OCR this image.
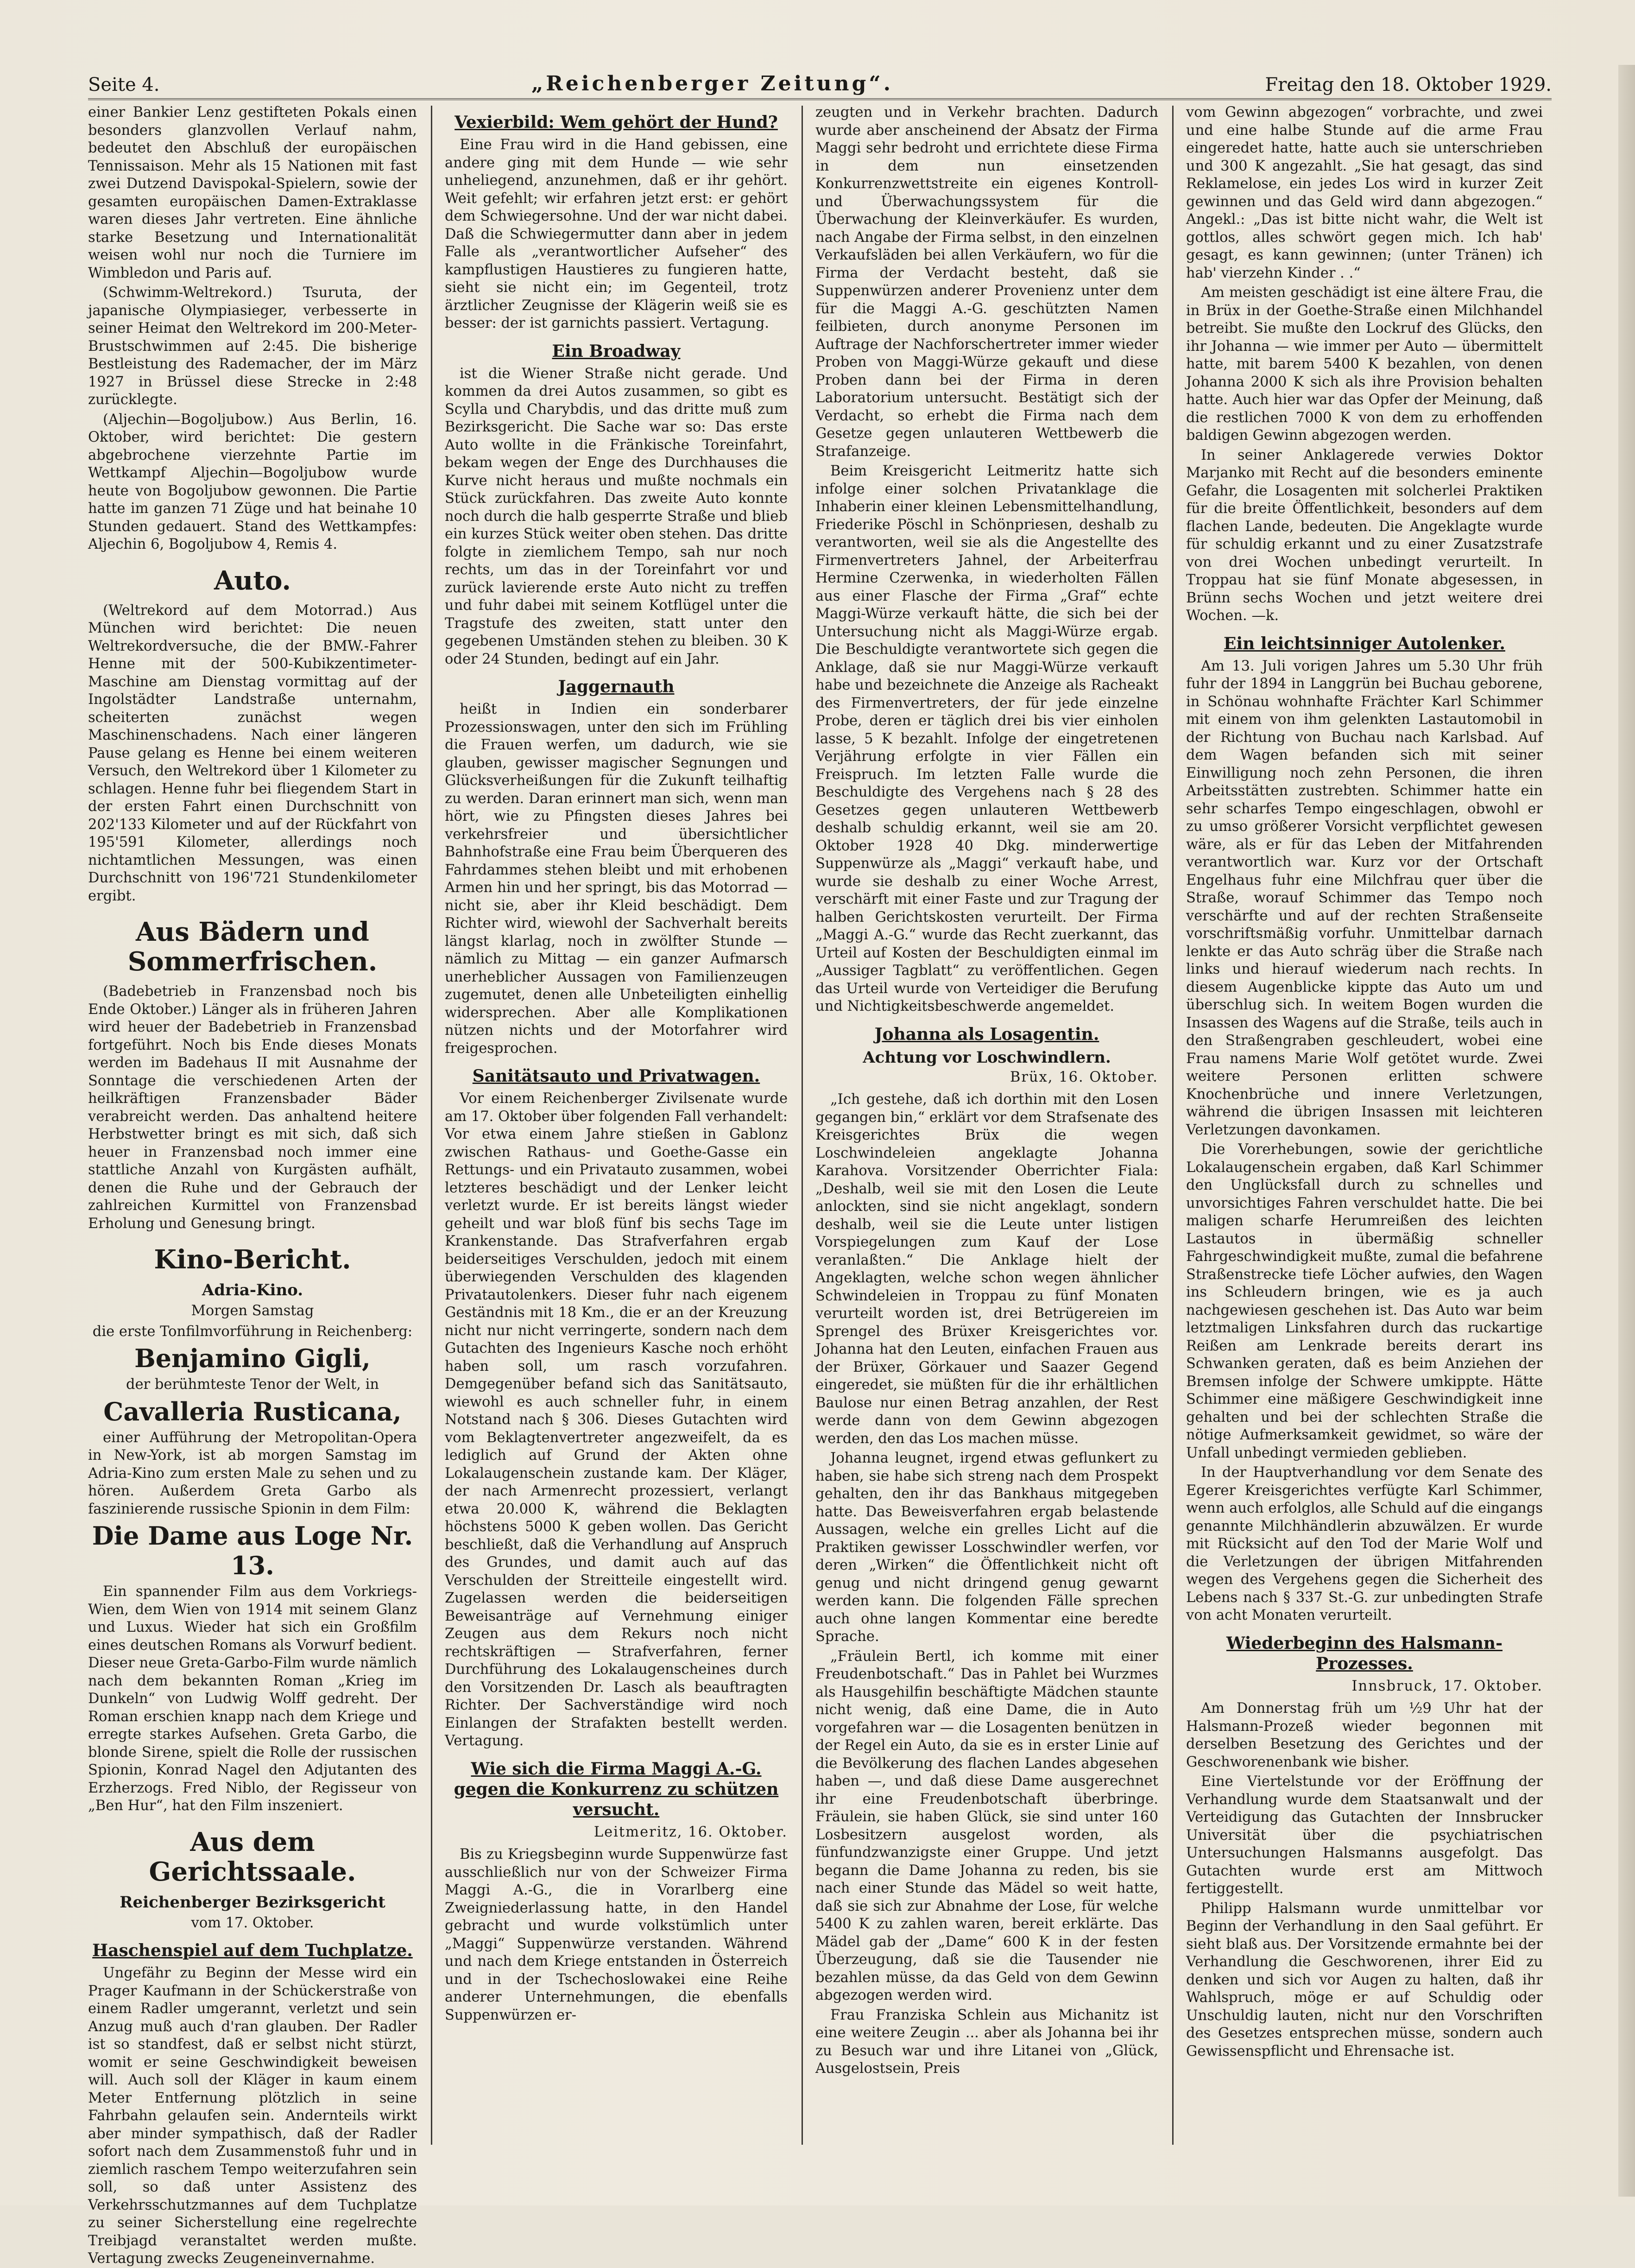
Seite 4.	„Reichenberger Zeitung“.	Freitag den 18. Oktober 1929.

einer Bankier Lenz gestifteten Pokals einen besonders glanzvollen Verlauf nahm, bedeutet den Abschluß der europäischen Tennissaison. Mehr als 15 Nationen mit fast zwei Dutzend Davispokal-Spielern, sowie der gesamten europäischen Damen-Extraklasse waren dieses Jahr vertreten. Eine ähnliche starke Besetzung und Internationalität weisen wohl nur noch die Turniere im Wimbledon und Paris auf.

(Schwimm-Weltrekord.) Tsuruta, der japanische Olympiasieger, verbesserte in seiner Heimat den Weltrekord im 200-Meter-Brustschwimmen auf 2:45. Die bisherige Bestleistung des Rademacher, der im März 1927 in Brüssel diese Strecke in 2:48 zurücklegte.

(Aljechin—Bogoljubow.) Aus Berlin, 16. Oktober, wird berichtet: Die gestern abgebrochene vierzehnte Partie im Wettkampf Aljechin—Bogoljubow wurde heute von Bogoljubow gewonnen. Die Partie hatte im ganzen 71 Züge und hat beinahe 10 Stunden gedauert. Stand des Wettkampfes: Aljechin 6, Bogoljubow 4, Remis 4.

Auto.

(Weltrekord auf dem Motorrad.) Aus München wird berichtet: Die neuen Weltrekordversuche, die der BMW.-Fahrer Henne mit der 500-Kubikzentimeter-Maschine am Dienstag vormittag auf der Ingolstädter Landstraße unternahm, scheiterten zunächst wegen Maschinenschadens. Nach einer längeren Pause gelang es Henne bei einem weiteren Versuch, den Weltrekord über 1 Kilometer zu schlagen. Henne fuhr bei fliegendem Start in der ersten Fahrt einen Durchschnitt von 202'133 Kilometer und auf der Rückfahrt von 195'591 Kilometer, allerdings noch nichtamtlichen Messungen, was einen Durchschnitt von 196'721 Stundenkilometer ergibt.

Aus Bädern und Sommerfrischen.

(Badebetrieb in Franzensbad noch bis Ende Oktober.) Länger als in früheren Jahren wird heuer der Badebetrieb in Franzensbad fortgeführt. Noch bis Ende dieses Monats werden im Badehaus II mit Ausnahme der Sonntage die verschiedenen Arten der heilkräftigen Franzensbader Bäder verabreicht werden. Das anhaltend heitere Herbstwetter bringt es mit sich, daß sich heuer in Franzensbad noch immer eine stattliche Anzahl von Kurgästen aufhält, denen die Ruhe und der Gebrauch der zahlreichen Kurmittel von Franzensbad Erholung und Genesung bringt.

Kino-Bericht.
Adria-Kino.

Morgen Samstag

die erste Tonfilmvorführung in Reichenberg:

Benjamino Gigli,

der berühmteste Tenor der Welt, in

Cavalleria Rusticana,

einer Aufführung der Metropolitan-Opera in New-York, ist ab morgen Samstag im Adria-Kino zum ersten Male zu sehen und zu hören. Außerdem Greta Garbo als faszinierende russische Spionin in dem Film:

Die Dame aus Loge Nr. 13.

Ein spannender Film aus dem Vorkriegs-Wien, dem Wien von 1914 mit seinem Glanz und Luxus. Wieder hat sich ein Großfilm eines deutschen Romans als Vorwurf bedient. Dieser neue Greta-Garbo-Film wurde nämlich nach dem bekannten Roman „Krieg im Dunkeln“ von Ludwig Wolff gedreht. Der Roman erschien knapp nach dem Kriege und erregte starkes Aufsehen. Greta Garbo, die blonde Sirene, spielt die Rolle der russischen Spionin, Konrad Nagel den Adjutanten des Erzherzogs. Fred Niblo, der Regisseur von „Ben Hur“, hat den Film inszeniert.

Aus dem Gerichtssaale.
Reichenberger Bezirksgericht

vom 17. Oktober.

Haschenspiel auf dem Tuchplatze.

Ungefähr zu Beginn der Messe wird ein Prager Kaufmann in der Schückerstraße von einem Radler umgerannt, verletzt und sein Anzug muß auch d'ran glauben. Der Radler ist so standfest, daß er selbst nicht stürzt, womit er seine Geschwindigkeit beweisen will. Auch soll der Kläger in kaum einem Meter Entfernung plötzlich in seine Fahrbahn gelaufen sein. Andernteils wirkt aber minder sympathisch, daß der Radler sofort nach dem Zusammenstoß fuhr und in ziemlich raschem Tempo weiterzufahren sein soll, so daß unter Assistenz des Verkehrsschutzmannes auf dem Tuchplatze zu seiner Sicherstellung eine regelrechte Treibjagd veranstaltet werden mußte. Vertagung zwecks Zeugeneinvernahme.

Vexierbild: Wem gehört der Hund?

Eine Frau wird in die Hand gebissen, eine andere ging mit dem Hunde — wie sehr unheliegend, anzunehmen, daß er ihr gehört. Weit gefehlt; wir erfahren jetzt erst: er gehört dem Schwiegersohne. Und der war nicht dabei. Daß die Schwiegermutter dann aber in jedem Falle als „verantwortlicher Aufseher“ des kampflustigen Haustieres zu fungieren hatte, sieht sie nicht ein; im Gegenteil, trotz ärztlicher Zeugnisse der Klägerin weiß sie es besser: der ist garnichts passiert. Vertagung.

Ein Broadway

ist die Wiener Straße nicht gerade. Und kommen da drei Autos zusammen, so gibt es Scylla und Charybdis, und das dritte muß zum Bezirksgericht. Die Sache war so: Das erste Auto wollte in die Fränkische Toreinfahrt, bekam wegen der Enge des Durchhauses die Kurve nicht heraus und mußte nochmals ein Stück zurückfahren. Das zweite Auto konnte noch durch die halb gesperrte Straße und blieb ein kurzes Stück weiter oben stehen. Das dritte folgte in ziemlichem Tempo, sah nur noch rechts, um das in der Toreinfahrt vor und zurück lavierende erste Auto nicht zu treffen und fuhr dabei mit seinem Kotflügel unter die Tragstufe des zweiten, statt unter den gegebenen Umständen stehen zu bleiben. 30 K oder 24 Stunden, bedingt auf ein Jahr.

Jaggernauth

heißt in Indien ein sonderbarer Prozessionswagen, unter den sich im Frühling die Frauen werfen, um dadurch, wie sie glauben, gewisser magischer Segnungen und Glücksverheißungen für die Zukunft teilhaftig zu werden. Daran erinnert man sich, wenn man hört, wie zu Pfingsten dieses Jahres bei verkehrsfreier und übersichtlicher Bahnhofstraße eine Frau beim Überqueren des Fahrdammes stehen bleibt und mit erhobenen Armen hin und her springt, bis das Motorrad — nicht sie, aber ihr Kleid beschädigt. Dem Richter wird, wiewohl der Sachverhalt bereits längst klarlag, noch in zwölfter Stunde — nämlich zu Mittag — ein ganzer Aufmarsch unerheblicher Aussagen von Familienzeugen zugemutet, denen alle Unbeteiligten einhellig widersprechen. Aber alle Komplikationen nützen nichts und der Motorfahrer wird freigesprochen.

Sanitätsauto und Privatwagen.

Vor einem Reichenberger Zivilsenate wurde am 17. Oktober über folgenden Fall verhandelt: Vor etwa einem Jahre stießen in Gablonz zwischen Rathaus- und Goethe-Gasse ein Rettungs- und ein Privatauto zusammen, wobei letzteres beschädigt und der Lenker leicht verletzt wurde. Er ist bereits längst wieder geheilt und war bloß fünf bis sechs Tage im Krankenstande. Das Strafverfahren ergab beiderseitiges Verschulden, jedoch mit einem überwiegenden Verschulden des klagenden Privatautolenkers. Dieser fuhr nach eigenem Geständnis mit 18 Km., die er an der Kreuzung nicht nur nicht verringerte, sondern nach dem Gutachten des Ingenieurs Kasche noch erhöht haben soll, um rasch vorzufahren. Demgegenüber befand sich das Sanitätsauto, wiewohl es auch schneller fuhr, in einem Notstand nach § 306. Dieses Gutachten wird vom Beklagtenvertreter angezweifelt, da es lediglich auf Grund der Akten ohne Lokalaugenschein zustande kam. Der Kläger, der nach Armenrecht prozessiert, verlangt etwa 20.000 K, während die Beklagten höchstens 5000 K geben wollen. Das Gericht beschließt, daß die Verhandlung auf Anspruch des Grundes, und damit auch auf das Verschulden der Streitteile eingestellt wird. Zugelassen werden die beiderseitigen Beweisanträge auf Vernehmung einiger Zeugen aus dem Rekurs noch nicht rechtskräftigen — Strafverfahren, ferner Durchführung des Lokalaugenscheines durch den Vorsitzenden Dr. Lasch als beauftragten Richter. Der Sachverständige wird noch Einlangen der Strafakten bestellt werden. Vertagung.

Wie sich die Firma Maggi A.-G. gegen die Konkurrenz zu schützen versucht.

Leitmeritz, 16. Oktober.

Bis zu Kriegsbeginn wurde Suppenwürze fast ausschließlich nur von der Schweizer Firma Maggi A.-G., die in Vorarlberg eine Zweigniederlassung hatte, in den Handel gebracht und wurde volkstümlich unter „Maggi“ Suppenwürze verstanden. Während und nach dem Kriege entstanden in Österreich und in der Tschechoslowakei eine Reihe anderer Unternehmungen, die ebenfalls Suppenwürzen er-

zeugten und in Verkehr brachten. Dadurch wurde aber anscheinend der Absatz der Firma Maggi sehr bedroht und errichtete diese Firma in dem nun einsetzenden Konkurrenzwettstreite ein eigenes Kontroll- und Überwachungssystem für die Überwachung der Kleinverkäufer. Es wurden, nach Angabe der Firma selbst, in den einzelnen Verkaufsläden bei allen Verkäufern, wo für die Firma der Verdacht besteht, daß sie Suppenwürzen anderer Provenienz unter dem für die Maggi A.-G. geschützten Namen feilbieten, durch anonyme Personen im Auftrage der Nachforschertreter immer wieder Proben von Maggi-Würze gekauft und diese Proben dann bei der Firma in deren Laboratorium untersucht. Bestätigt sich der Verdacht, so erhebt die Firma nach dem Gesetze gegen unlauteren Wettbewerb die Strafanzeige.

Beim Kreisgericht Leitmeritz hatte sich infolge einer solchen Privatanklage die Inhaberin einer kleinen Lebensmittelhandlung, Friederike Pöschl in Schönpriesen, deshalb zu verantworten, weil sie als die Angestellte des Firmenvertreters Jahnel, der Arbeiterfrau Hermine Czerwenka, in wiederholten Fällen aus einer Flasche der Firma „Graf“ echte Maggi-Würze verkauft hätte, die sich bei der Untersuchung nicht als Maggi-Würze ergab. Die Beschuldigte verantwortete sich gegen die Anklage, daß sie nur Maggi-Würze verkauft habe und bezeichnete die Anzeige als Racheakt des Firmenvertreters, der für jede einzelne Probe, deren er täglich drei bis vier einholen lasse, 5 K bezahlt. Infolge der eingetretenen Verjährung erfolgte in vier Fällen ein Freispruch. Im letzten Falle wurde die Beschuldigte des Vergehens nach § 28 des Gesetzes gegen unlauteren Wettbewerb deshalb schuldig erkannt, weil sie am 20. Oktober 1928 40 Dkg. minderwertige Suppenwürze als „Maggi“ verkauft habe, und wurde sie deshalb zu einer Woche Arrest, verschärft mit einer Faste und zur Tragung der halben Gerichtskosten verurteilt. Der Firma „Maggi A.-G.“ wurde das Recht zuerkannt, das Urteil auf Kosten der Beschuldigten einmal im „Aussiger Tagblatt“ zu veröffentlichen. Gegen das Urteil wurde von Verteidiger die Berufung und Nichtigkeitsbeschwerde angemeldet.

Johanna als Losagentin.
Achtung vor Loschwindlern.

Brüx, 16. Oktober.

„Ich gestehe, daß ich dorthin mit den Losen gegangen bin,“ erklärt vor dem Strafsenate des Kreisgerichtes Brüx die wegen Loschwindeleien angeklagte Johanna Karahova. Vorsitzender Oberrichter Fiala: „Deshalb, weil sie mit den Losen die Leute anlockten, sind sie nicht angeklagt, sondern deshalb, weil sie die Leute unter listigen Vorspiegelungen zum Kauf der Lose veranlaßten.“ Die Anklage hielt der Angeklagten, welche schon wegen ähnlicher Schwindeleien in Troppau zu fünf Monaten verurteilt worden ist, drei Betrügereien im Sprengel des Brüxer Kreisgerichtes vor. Johanna hat den Leuten, einfachen Frauen aus der Brüxer, Görkauer und Saazer Gegend eingeredet, sie müßten für die ihr erhältlichen Baulose nur einen Betrag anzahlen, der Rest werde dann von dem Gewinn abgezogen werden, den das Los machen müsse.

Johanna leugnet, irgend etwas geflunkert zu haben, sie habe sich streng nach dem Prospekt gehalten, den ihr das Bankhaus mitgegeben hatte. Das Beweisverfahren ergab belastende Aussagen, welche ein grelles Licht auf die Praktiken gewisser Losschwindler werfen, vor deren „Wirken“ die Öffentlichkeit nicht oft genug und nicht dringend genug gewarnt werden kann. Die folgenden Fälle sprechen auch ohne langen Kommentar eine beredte Sprache.

„Fräulein Bertl, ich komme mit einer Freudenbotschaft.“ Das in Pahlet bei Wurzmes als Hausgehilfin beschäftigte Mädchen staunte nicht wenig, daß eine Dame, die in Auto vorgefahren war — die Losagenten benützen in der Regel ein Auto, da sie es in erster Linie auf die Bevölkerung des flachen Landes abgesehen haben —, und daß diese Dame ausgerechnet ihr eine Freudenbotschaft überbringe. Fräulein, sie haben Glück, sie sind unter 160 Losbesitzern ausgelost worden, als fünfundzwanzigste einer Gruppe. Und jetzt begann die Dame Johanna zu reden, bis sie nach einer Stunde das Mädel so weit hatte, daß sie sich zur Abnahme der Lose, für welche 5400 K zu zahlen waren, bereit erklärte. Das Mädel gab der „Dame“ 600 K in der festen Überzeugung, daß sie die Tausender nie bezahlen müsse, da das Geld von dem Gewinn abgezogen werden wird.

Frau Franziska Schlein aus Michanitz ist eine weitere Zeugin ... aber als Johanna bei ihr zu Besuch war und ihre Litanei von „Glück, Ausgelostsein, Preis

vom Gewinn abgezogen“ vorbrachte, und zwei und eine halbe Stunde auf die arme Frau eingeredet hatte, hatte auch sie unterschrieben und 300 K angezahlt. „Sie hat gesagt, das sind Reklamelose, ein jedes Los wird in kurzer Zeit gewinnen und das Geld wird dann abgezogen.“ Angekl.: „Das ist bitte nicht wahr, die Welt ist gottlos, alles schwört gegen mich. Ich hab' gesagt, es kann gewinnen; (unter Tränen) ich hab' vierzehn Kinder . .“

Am meisten geschädigt ist eine ältere Frau, die in Brüx in der Goethe-Straße einen Milchhandel betreibt. Sie mußte den Lockruf des Glücks, den ihr Johanna — wie immer per Auto — übermittelt hatte, mit barem 5400 K bezahlen, von denen Johanna 2000 K sich als ihre Provision behalten hatte. Auch hier war das Opfer der Meinung, daß die restlichen 7000 K von dem zu erhoffenden baldigen Gewinn abgezogen werden.

In seiner Anklagerede verwies Doktor Marjanko mit Recht auf die besonders eminente Gefahr, die Losagenten mit solcherlei Praktiken für die breite Öffentlichkeit, besonders auf dem flachen Lande, bedeuten. Die Angeklagte wurde für schuldig erkannt und zu einer Zusatzstrafe von drei Wochen unbedingt verurteilt. In Troppau hat sie fünf Monate abgesessen, in Brünn sechs Wochen und jetzt weitere drei Wochen. —k.

Ein leichtsinniger Autolenker.

Am 13. Juli vorigen Jahres um 5.30 Uhr früh fuhr der 1894 in Langgrün bei Buchau geborene, in Schönau wohnhafte Frächter Karl Schimmer mit einem von ihm gelenkten Lastautomobil in der Richtung von Buchau nach Karlsbad. Auf dem Wagen befanden sich mit seiner Einwilligung noch zehn Personen, die ihren Arbeitsstätten zustrebten. Schimmer hatte ein sehr scharfes Tempo eingeschlagen, obwohl er zu umso größerer Vorsicht verpflichtet gewesen wäre, als er für das Leben der Mitfahrenden verantwortlich war. Kurz vor der Ortschaft Engelhaus fuhr eine Milchfrau quer über die Straße, worauf Schimmer das Tempo noch verschärfte und auf der rechten Straßenseite vorschriftsmäßig vorfuhr. Unmittelbar darnach lenkte er das Auto schräg über die Straße nach links und hierauf wiederum nach rechts. In diesem Augenblicke kippte das Auto um und überschlug sich. In weitem Bogen wurden die Insassen des Wagens auf die Straße, teils auch in den Straßengraben geschleudert, wobei eine Frau namens Marie Wolf getötet wurde. Zwei weitere Personen erlitten schwere Knochenbrüche und innere Verletzungen, während die übrigen Insassen mit leichteren Verletzungen davonkamen.

Die Vorerhebungen, sowie der gerichtliche Lokalaugenschein ergaben, daß Karl Schimmer den Unglücksfall durch zu schnelles und unvorsichtiges Fahren verschuldet hatte. Die bei maligen scharfe Herumreißen des leichten Lastautos in übermäßig schneller Fahrgeschwindigkeit mußte, zumal die befahrene Straßenstrecke tiefe Löcher aufwies, den Wagen ins Schleudern bringen, wie es ja auch nachgewiesen geschehen ist. Das Auto war beim letztmaligen Linksfahren durch das ruckartige Reißen am Lenkrade bereits derart ins Schwanken geraten, daß es beim Anziehen der Bremsen infolge der Schwere umkippte. Hätte Schimmer eine mäßigere Geschwindigkeit inne gehalten und bei der schlechten Straße die nötige Aufmerksamkeit gewidmet, so wäre der Unfall unbedingt vermieden geblieben.

In der Hauptverhandlung vor dem Senate des Egerer Kreisgerichtes verfügte Karl Schimmer, wenn auch erfolglos, alle Schuld auf die eingangs genannte Milchhändlerin abzuwälzen. Er wurde mit Rücksicht auf den Tod der Marie Wolf und die Verletzungen der übrigen Mitfahrenden wegen des Vergehens gegen die Sicherheit des Lebens nach § 337 St.-G. zur unbedingten Strafe von acht Monaten verurteilt.

Wiederbeginn des Halsmann-Prozesses.

Innsbruck, 17. Oktober.

Am Donnerstag früh um ½9 Uhr hat der Halsmann-Prozeß wieder begonnen mit derselben Besetzung des Gerichtes und der Geschworenenbank wie bisher.

Eine Viertelstunde vor der Eröffnung der Verhandlung wurde dem Staatsanwalt und der Verteidigung das Gutachten der Innsbrucker Universität über die psychiatrischen Untersuchungen Halsmanns ausgefolgt. Das Gutachten wurde erst am Mittwoch fertiggestellt.

Philipp Halsmann wurde unmittelbar vor Beginn der Verhandlung in den Saal geführt. Er sieht blaß aus. Der Vorsitzende ermahnte bei der Verhandlung die Geschworenen, ihrer Eid zu denken und sich vor Augen zu halten, daß ihr Wahlspruch, möge er auf Schuldig oder Unschuldig lauten, nicht nur den Vorschriften des Gesetzes entsprechen müsse, sondern auch Gewissenspflicht und Ehrensache ist.
